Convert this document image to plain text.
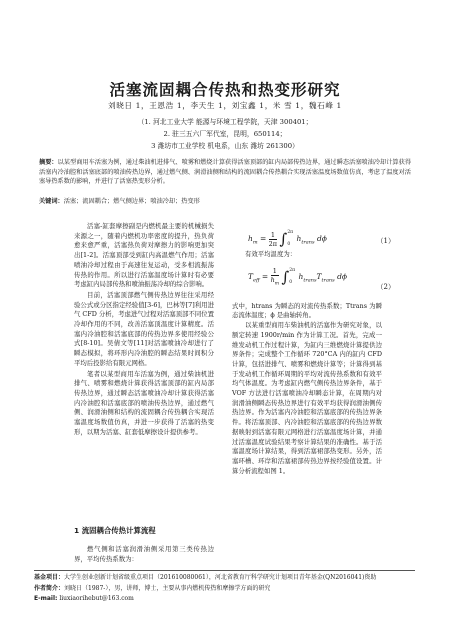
活塞流固耦合传热和热变形研究
刘晓日 1，王恩浩 1，李天生 1，刘宝鑫 1，米 雪 1，魏石峰 1
（1. 河北工业大学 能源与环境工程学院，天津 300401；
2. 驻三五六厂军代室，昆明，650114；
3 潍坊市工业学校 机电系，山东 潍坊 261300）
摘要：以某型商用车活塞为例，通过柴油机进排气、喷雾和燃烧计算获得活塞顶部的缸内局部传热边界，通过瞬态活塞喷油冷却计算获得活塞内冷油腔和活塞底部的喷油传热边界，通过燃气侧、润滑油侧和结构的流固耦合传热耦合实现活塞温度场数值仿真，考虑了温度对活塞导热系数的影响，并进行了活塞热变形分析。
关键词：活塞；流固耦合；燃气侧边界；喷油冷却；热变形

活塞-缸套摩擦副是内燃机最主要的机械损失来源之一，随着内燃机功率密度的提升，热负荷愈来愈严重，活塞热负荷对摩擦力的影响更加突出[1-2]。活塞顶部受到缸内高温燃气作用；活塞喷油冷却过程由于高速往复运动，受多相流振荡传热的作用。所以进行活塞温度场计算时有必要考虑缸内局部传热和喷油振荡冷却的综合影响。

目前，活塞顶部燃气侧传热边界往往采用经验公式或分区指定经验值[3-6]，巴林等[7]利用进气 CFD 分析，考虑进气过程对活塞顶部不同位置冷却作用的不同，改善活塞顶温度计算精度。活塞内冷油腔和活塞底部的传热边界多使用经验公式[8-10]。吴倩文等[11]对活塞喷油冷却进行了瞬态模拟，将环形内冷油腔的瞬态结果时间积分平均后投影给有限元网格。

笔者以某型商用车活塞为例，通过柴油机进排气、喷雾和燃烧计算获得活塞顶部的缸内局部传热边界，通过瞬态活塞喷油冷却计算获得活塞内冷油腔和活塞底部的喷油传热边界，通过燃气侧、润滑油侧和结构的流固耦合传热耦合实现活塞温度场数值仿真，并进一步获得了活塞的热变形，以期为活塞、缸套低摩擦设计提供参考。

1 流固耦合传热计算流程

燃气侧和活塞润滑油侧采用第三类传热边界，平均传热系数为：

$h_m = \frac{1}{2\pi}$ ∫ 2π
0
$h_{trans}$ dϕ	（1）
有效平均温度为：
$T_{eff} = \frac{1}{h_m}$ ∫ 2π
0
$h_{trans}T_{trans}$ dϕ
（2）

式中，htrans 为瞬态的对流传热系数；Ttrans 为瞬态流体温度；ϕ 是曲轴转角。

以某重型商用车柴油机的活塞作为研究对象，以额定转速 1900r/min 作为计算工况。首先，完成一维发动机工作过程计算，为缸内三维燃烧计算提供边界条件；完成整个工作循环 720°CA 内的缸内 CFD 计算，包括进排气、喷雾和燃烧计算等；计算得到基于发动机工作循环周期的平均对流传热系数和有效平均气体温度。为考虑缸内燃气侧传热边界条件，基于 VOF 方法进行活塞喷油冷却瞬态计算，在周期内对润滑油侧瞬态传热边界进行有效平均获得润滑油侧传热边界。作为活塞内冷油腔和活塞底部的传热边界条件。将活塞顶部、内冷油腔和活塞底部的传热边界数据映射到活塞有限元网格进行活塞温度场计算，并通过活塞温度试验结果考察计算结果的准确性。基于活塞温度场计算结果，得到活塞裙部热变形。另外，活塞环槽、环岸和活塞裙部传热边界按经验值设置。计算分析流程如图 1。

基金项目：大学生创业创新计划省级重点项目（201610080061），河北省教育厅科学研究计划项目青年基金(QN2016041)资助
作者简介：刘晓日（1987-），男，讲师，博士，主要从事内燃机传热和摩擦学方面的研究
E-mail: liuxiaorihebut@163.com
